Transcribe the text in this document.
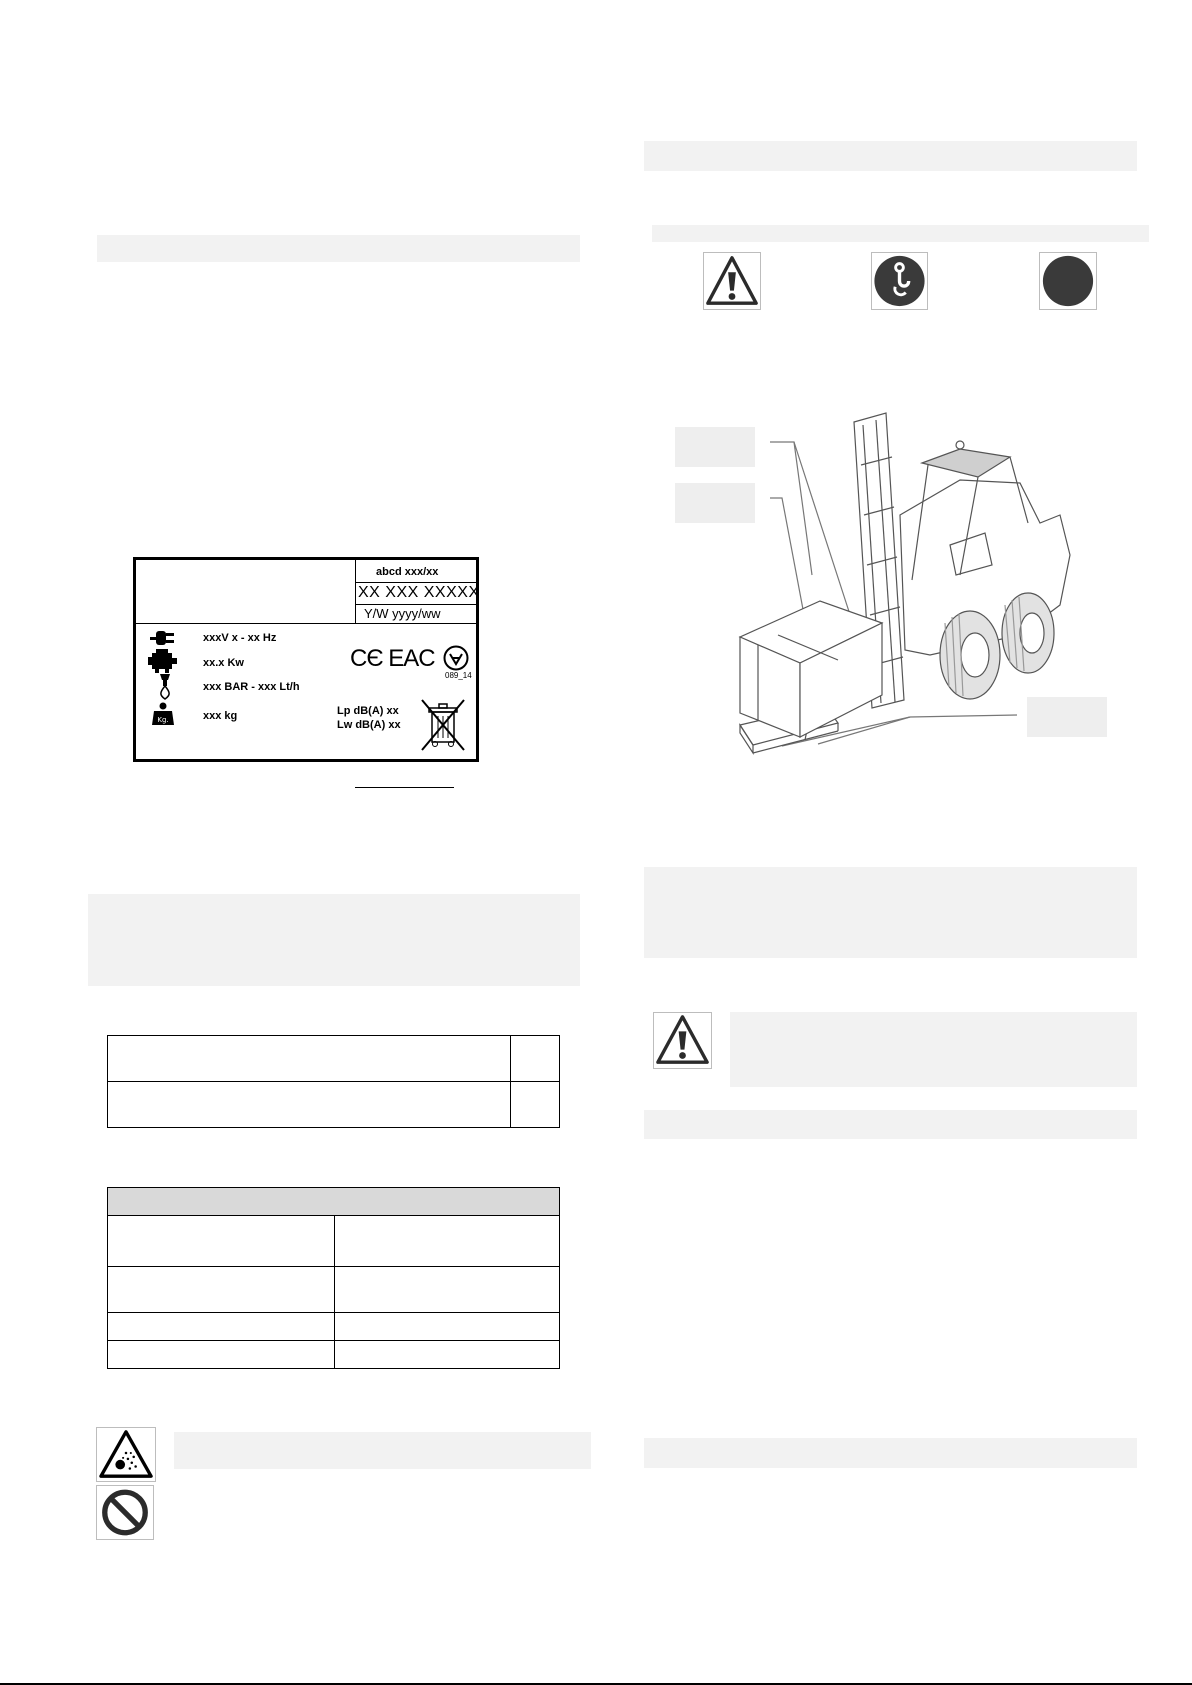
abcd xxx/xx
XX XXX XXXXX
Y/W yyyy/ww
xxxV x - xx Hz
xx.x Kw
xxx BAR - xxx Lt/h
Kg.	xxx kg
CЄ EАC
089_14
Lp dB(A) xx
Lw dB(A) xx
